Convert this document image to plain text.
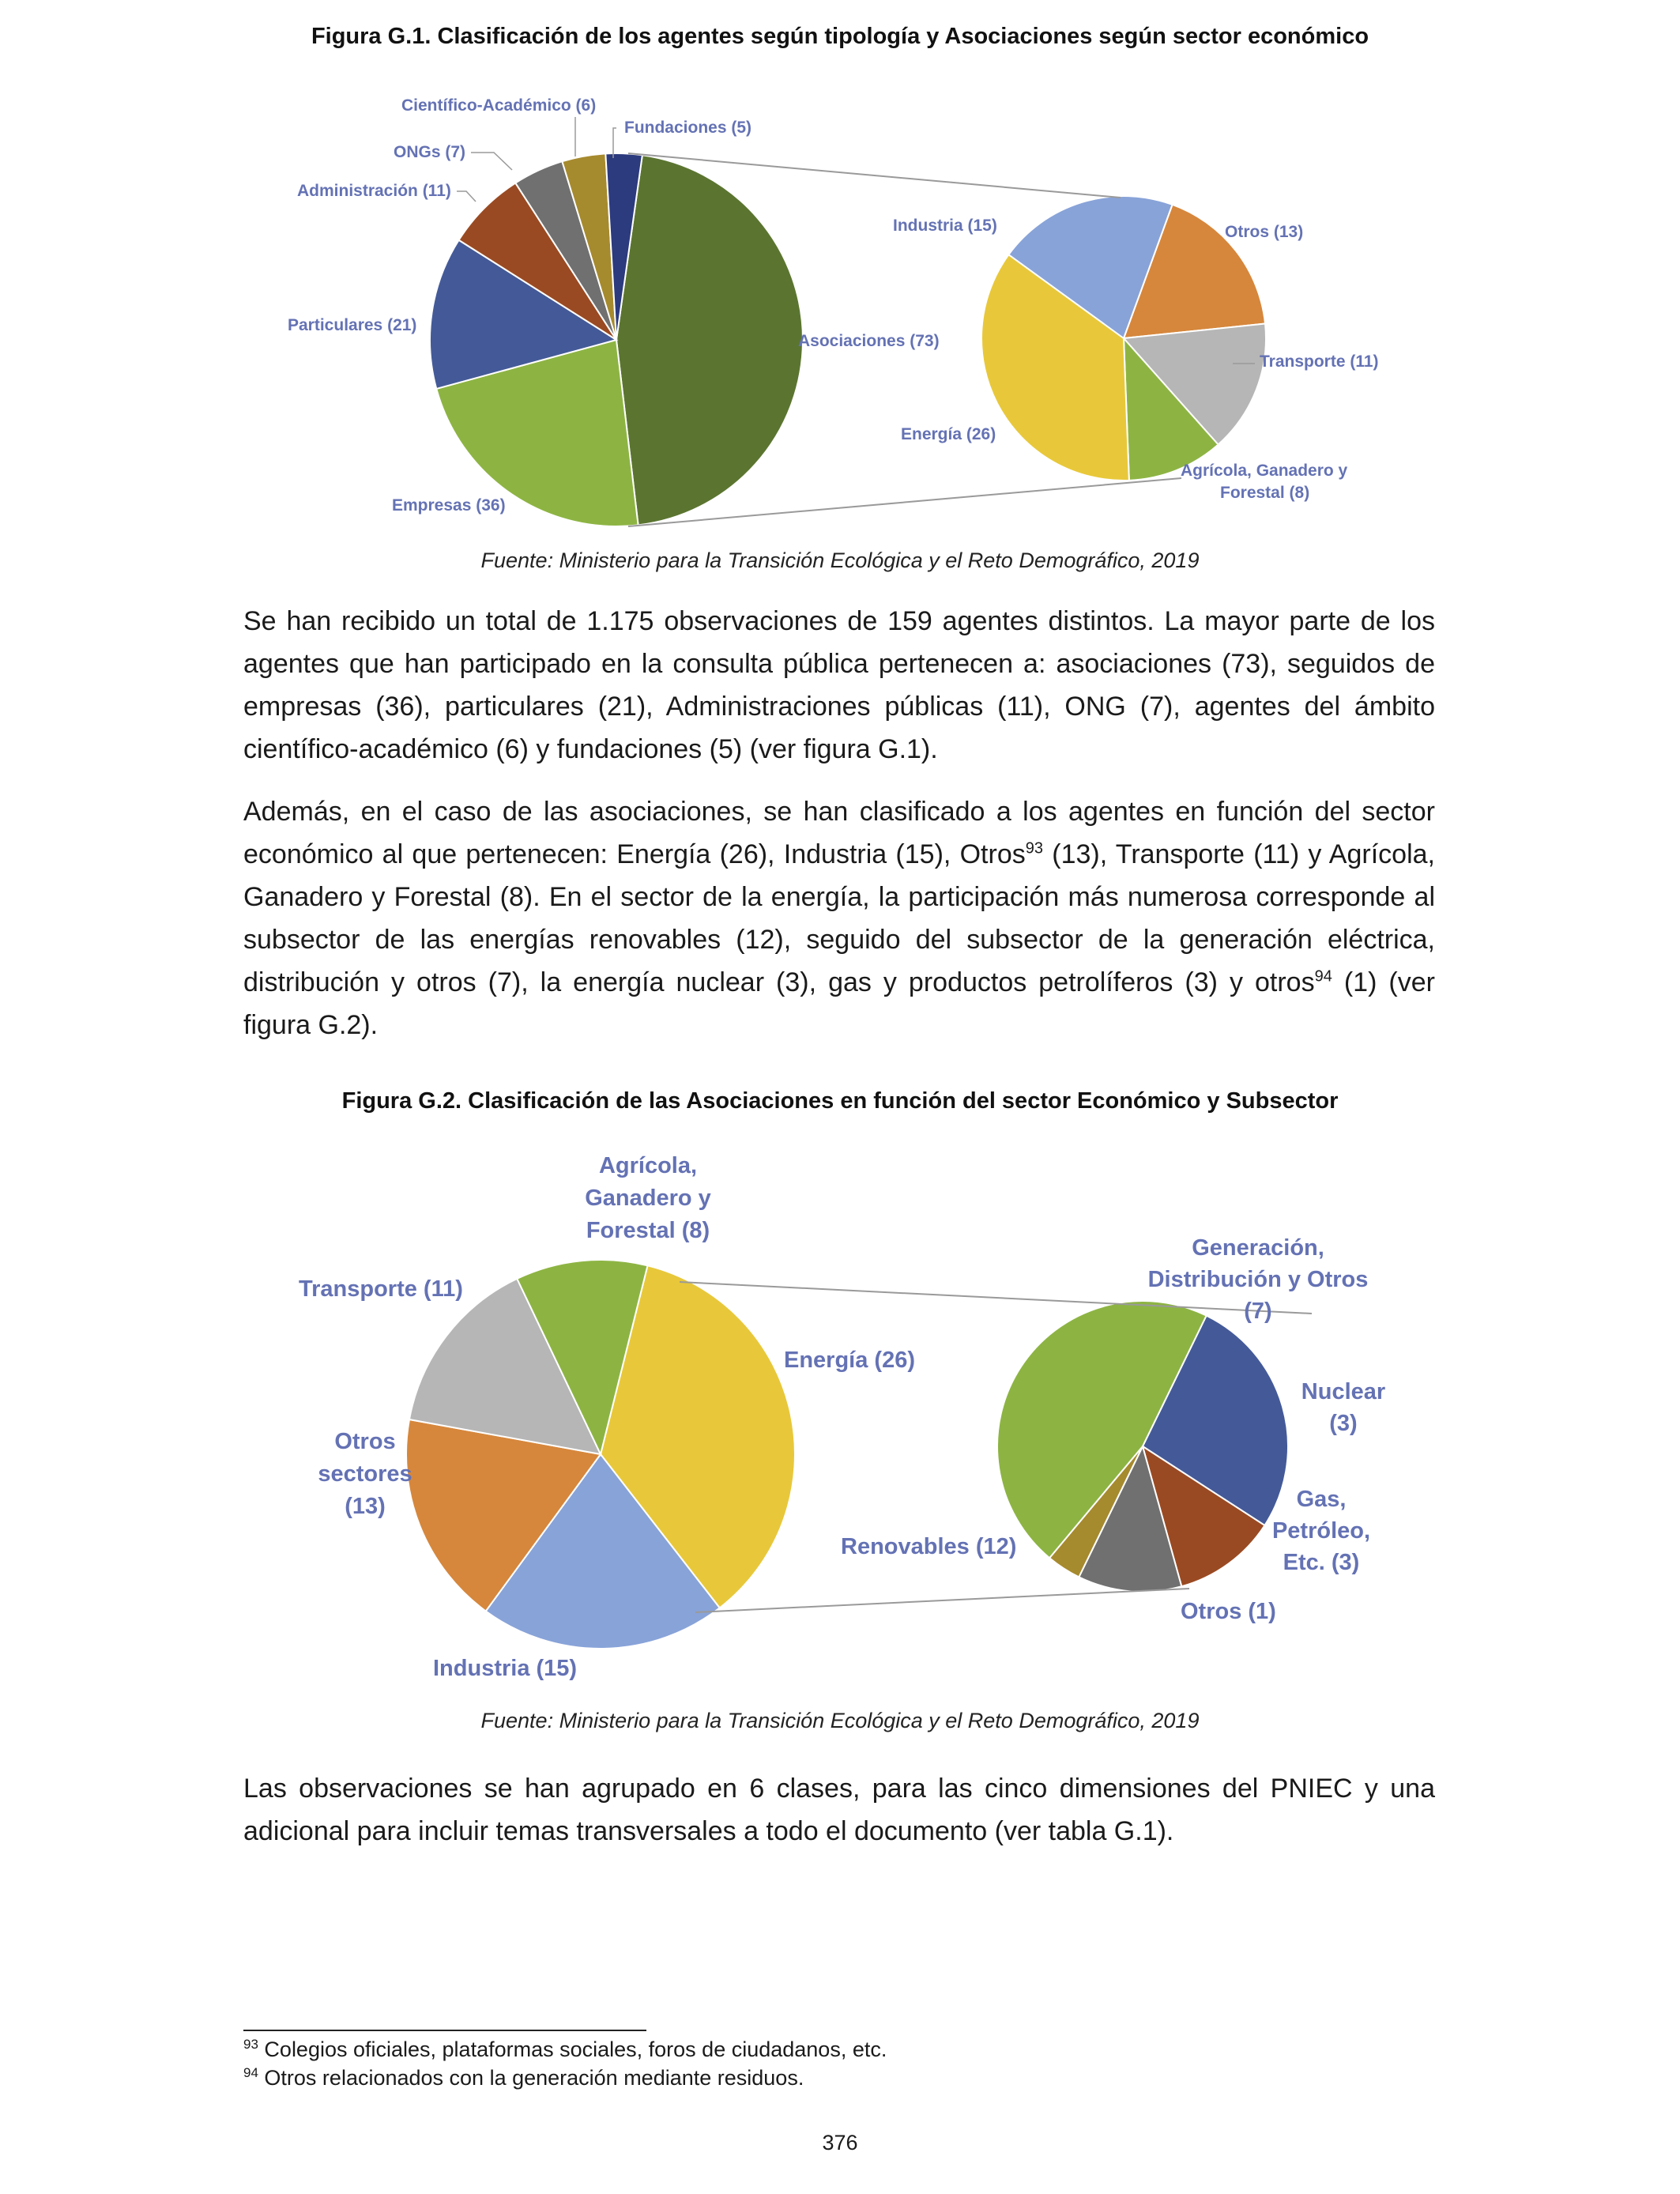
Figura G.1. Clasificación de los agentes según tipología y Asociaciones según sector económico
Científico-Académico (6)
Fundaciones (5)
ONGs (7)
Administración (11)
Particulares (21)
Empresas (36)
Asociaciones (73)
Industria (15)	Otros (13)
Transporte (11)
Energía (26)
Agrícola, Ganadero y
Forestal (8)
Fuente: Ministerio para la Transición Ecológica y el Reto Demográfico, 2019

Se han recibido un total de 1.175 observaciones de 159 agentes distintos. La mayor parte de los agentes que han participado en la consulta pública pertenecen a: asociaciones (73), seguidos de empresas (36), particulares (21), Administraciones públicas (11), ONG (7), agentes del ámbito científico-académico (6) y fundaciones (5) (ver figura G.1).

Además, en el caso de las asociaciones, se han clasificado a los agentes en función del sector económico al que pertenecen: Energía (26), Industria (15), Otros$^{93}$ (13), Transporte (11) y Agrícola, Ganadero y Forestal (8). En el sector de la energía, la participación más numerosa corresponde al subsector de las energías renovables (12), seguido del subsector de la generación eléctrica, distribución y otros (7), la energía nuclear (3), gas y productos petrolíferos (3) y otros$^{94}$ (1) (ver figura G.2).

Figura G.2. Clasificación de las Asociaciones en función del sector Económico y Subsector
Agrícola,
Ganadero y
Forestal (8)
Transporte (11)
Energía (26)
Otros
sectores
(13)
Industria (15)
Generación,
Distribución y Otros
(7)
Nuclear
(3)
Gas,
Petróleo,
Etc. (3)
Renovables (12)
Otros (1)
Fuente: Ministerio para la Transición Ecológica y el Reto Demográfico, 2019

Las observaciones se han agrupado en 6 clases, para las cinco dimensiones del PNIEC y una adicional para incluir temas transversales a todo el documento (ver tabla G.1).

$^{93}$ Colegios oficiales, plataformas sociales, foros de ciudadanos, etc.
$^{94}$ Otros relacionados con la generación mediante residuos.
376
